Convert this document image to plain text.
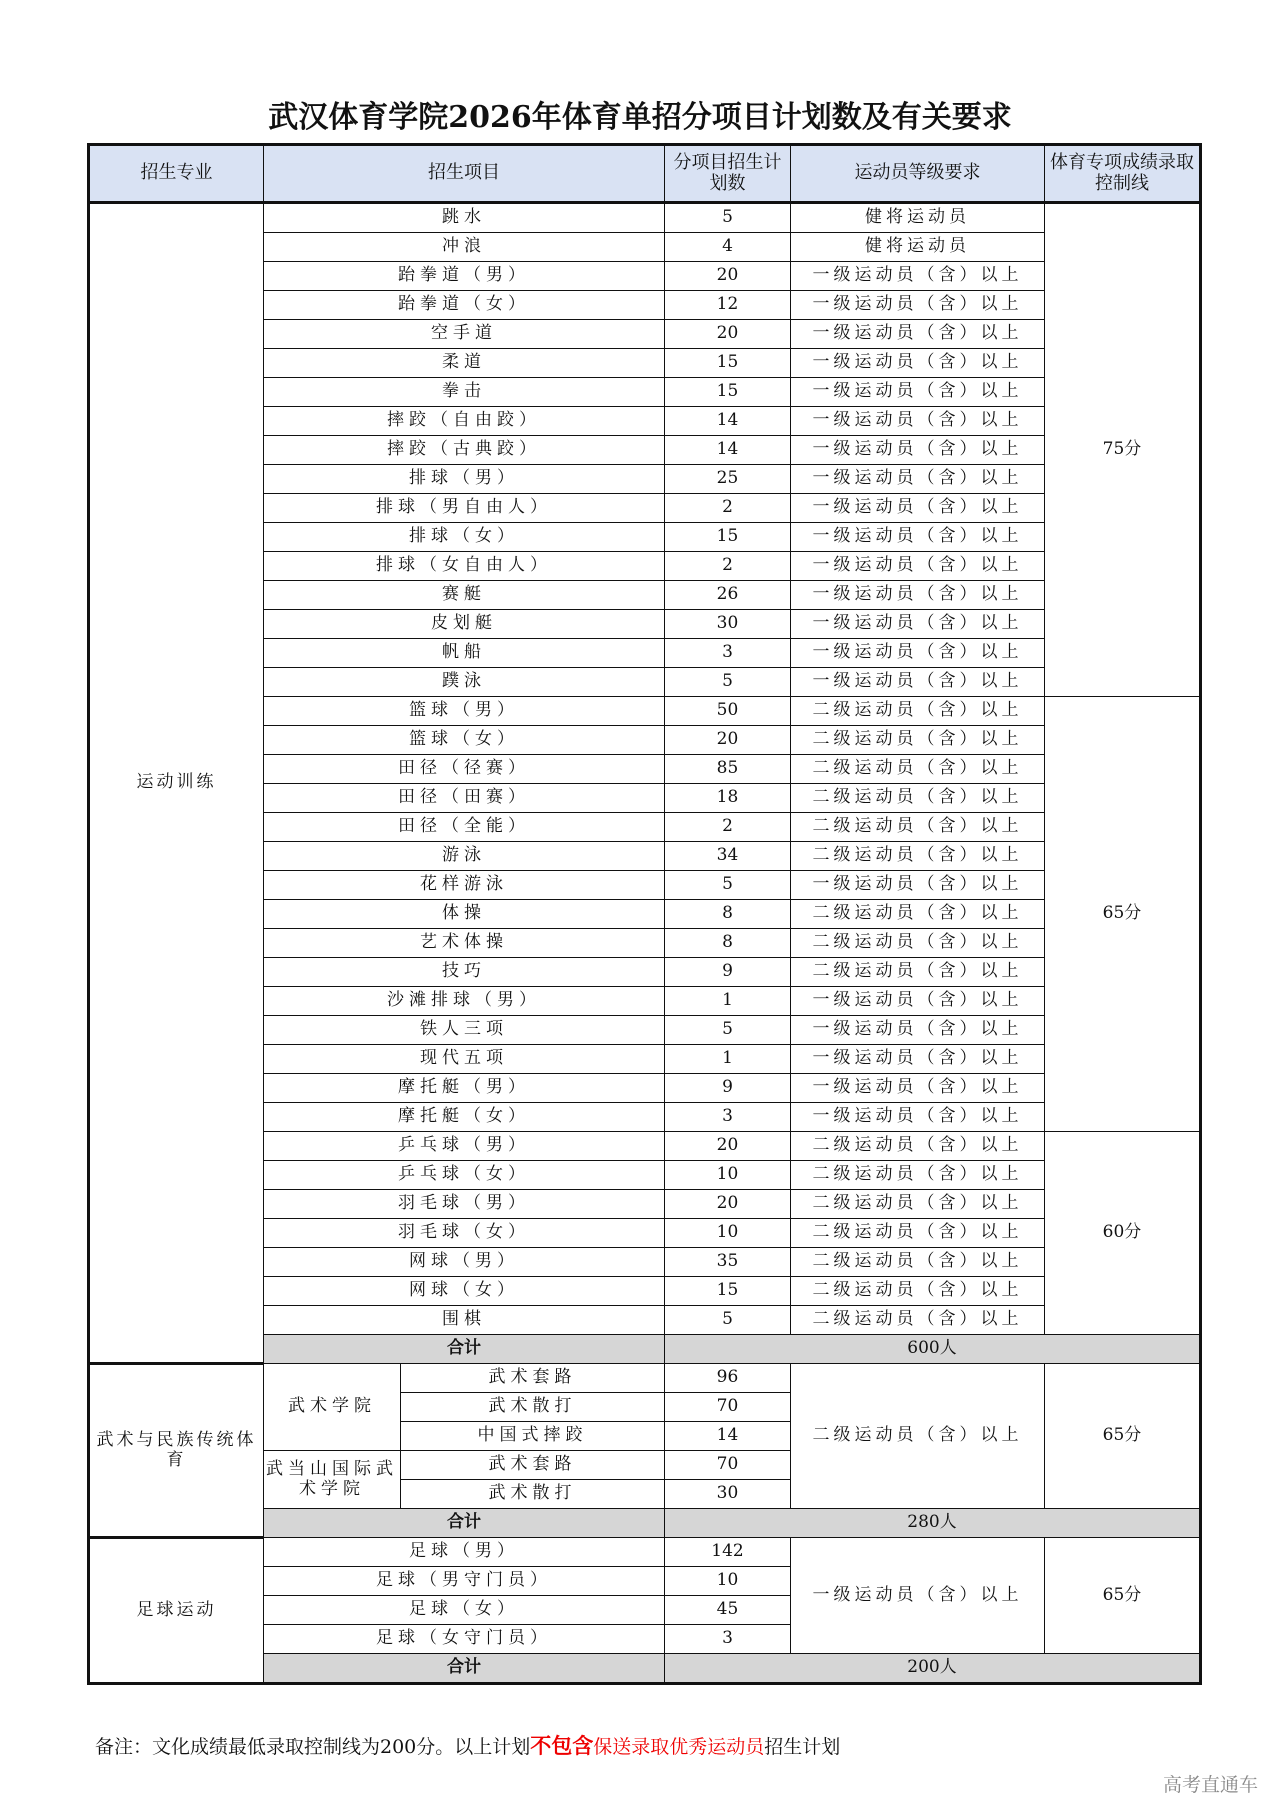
武汉体育学院2026年体育单招分项目计划数及有关要求
招生专业	招生项目		分项目招生计划数	运动员等级要求	体育专项成绩录取控制线
运动训练	跳水		5	健将运动员	75分
	冲浪		4	健将运动员	
	跆拳道（男）		20	一级运动员（含）以上	
	跆拳道（女）		12	一级运动员（含）以上	
	空手道		20	一级运动员（含）以上	
	柔道		15	一级运动员（含）以上	
	拳击		15	一级运动员（含）以上	
	摔跤（自由跤）		14	一级运动员（含）以上	
	摔跤（古典跤）		14	一级运动员（含）以上	
	排球（男）		25	一级运动员（含）以上	
	排球（男自由人）		2	一级运动员（含）以上	
	排球（女）		15	一级运动员（含）以上	
	排球（女自由人）		2	一级运动员（含）以上	
	赛艇		26	一级运动员（含）以上	
	皮划艇		30	一级运动员（含）以上	
	帆船		3	一级运动员（含）以上	
	蹼泳		5	一级运动员（含）以上	
	篮球（男）		50	二级运动员（含）以上	65分
	篮球（女）		20	二级运动员（含）以上	
	田径（径赛）		85	二级运动员（含）以上	
	田径（田赛）		18	二级运动员（含）以上	
	田径（全能）		2	二级运动员（含）以上	
	游泳		34	二级运动员（含）以上	
	花样游泳		5	一级运动员（含）以上	
	体操		8	二级运动员（含）以上	
	艺术体操		8	二级运动员（含）以上	
	技巧		9	二级运动员（含）以上	
	沙滩排球（男）		1	一级运动员（含）以上	
	铁人三项		5	一级运动员（含）以上	
	现代五项		1	一级运动员（含）以上	
	摩托艇（男）		9	一级运动员（含）以上	
	摩托艇（女）		3	一级运动员（含）以上	
	乒乓球（男）		20	二级运动员（含）以上	60分
	乒乓球（女）		10	二级运动员（含）以上	
	羽毛球（男）		20	二级运动员（含）以上	
	羽毛球（女）		10	二级运动员（含）以上	
	网球（男）		35	二级运动员（含）以上	
	网球（女）		15	二级运动员（含）以上	
	围棋		5	二级运动员（含）以上	
	合计		600人		
武术与民族传统体育	武术学院	武术套路	96	二级运动员（含）以上	65分
		武术散打	70		
		中国式摔跤	14		
	武当山国际武术学院	武术套路	70		
		武术散打	30		
	合计		280人		
足球运动	足球（男）		142	一级运动员（含）以上	65分
	足球（男守门员）		10		
	足球（女）		45		
	足球（女守门员）		3		
	合计		200人		
备注：文化成绩最低录取控制线为200分。以上计划不包含保送录取优秀运动员招生计划
高考直通车
